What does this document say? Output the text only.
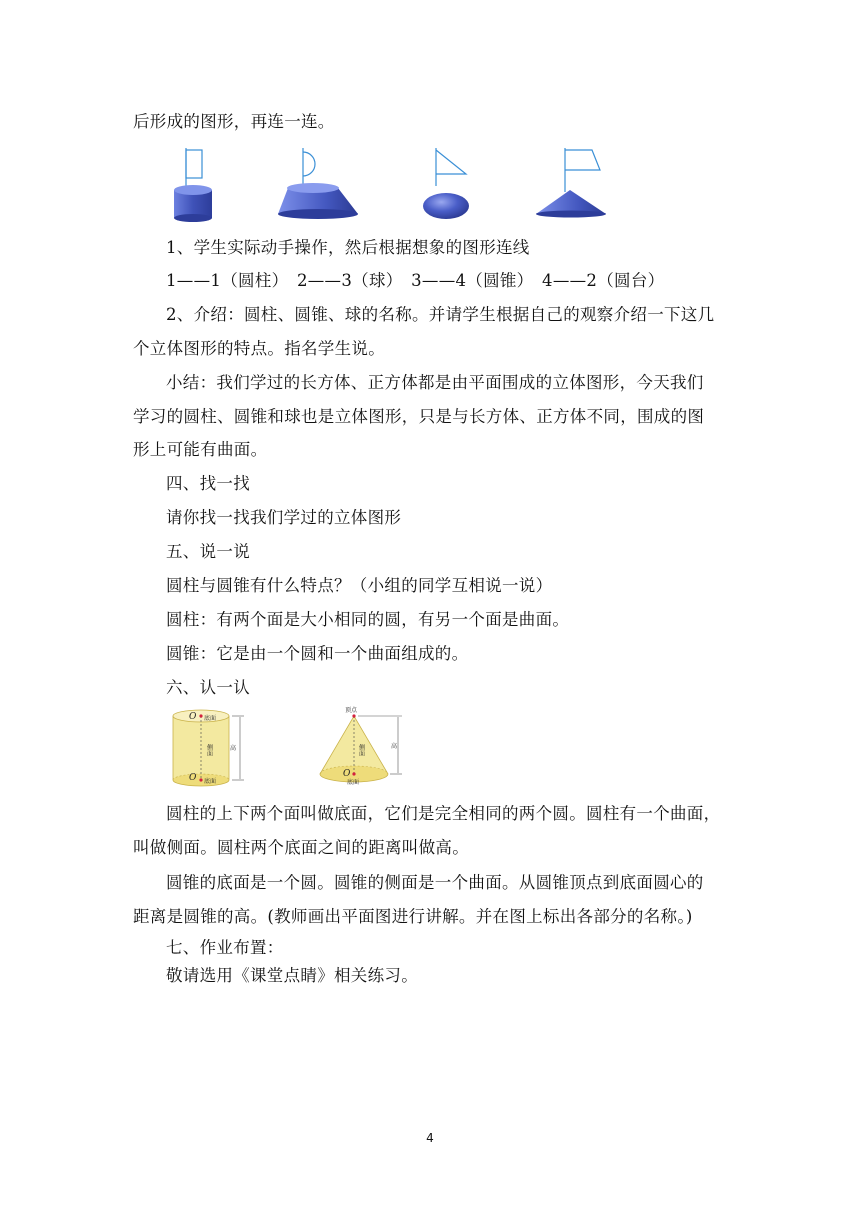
后形成的图形，再连一连。
1、学生实际动手操作，然后根据想象的图形连线
1——1（圆柱）　2——3（球）　3——4（圆锥）　4——2（圆台）
2、介绍：圆柱、圆锥、球的名称。并请学生根据自己的观察介绍一下这几
个立体图形的特点。指名学生说。
小结：我们学过的长方体、正方体都是由平面围成的立体图形，今天我们
学习的圆柱、圆锥和球也是立体图形，只是与长方体、正方体不同，围成的图
形上可能有曲面。
四、找一找
请你找一找我们学过的立体图形
五、说一说
圆柱与圆锥有什么特点？（小组的同学互相说一说）
圆柱：有两个面是大小相同的圆，有另一个面是曲面。
圆锥：它是由一个圆和一个曲面组成的。
六、认一认
O 底面
侧面	高
O 底面
顶点
侧面	高
O
底面
圆柱的上下两个面叫做底面，它们是完全相同的两个圆。圆柱有一个曲面，
叫做侧面。圆柱两个底面之间的距离叫做高。
圆锥的底面是一个圆。圆锥的侧面是一个曲面。从圆锥顶点到底面圆心的
距离是圆锥的高。(教师画出平面图进行讲解。并在图上标出各部分的名称。)
七、作业布置：
敬请选用《课堂点睛》相关练习。
4
